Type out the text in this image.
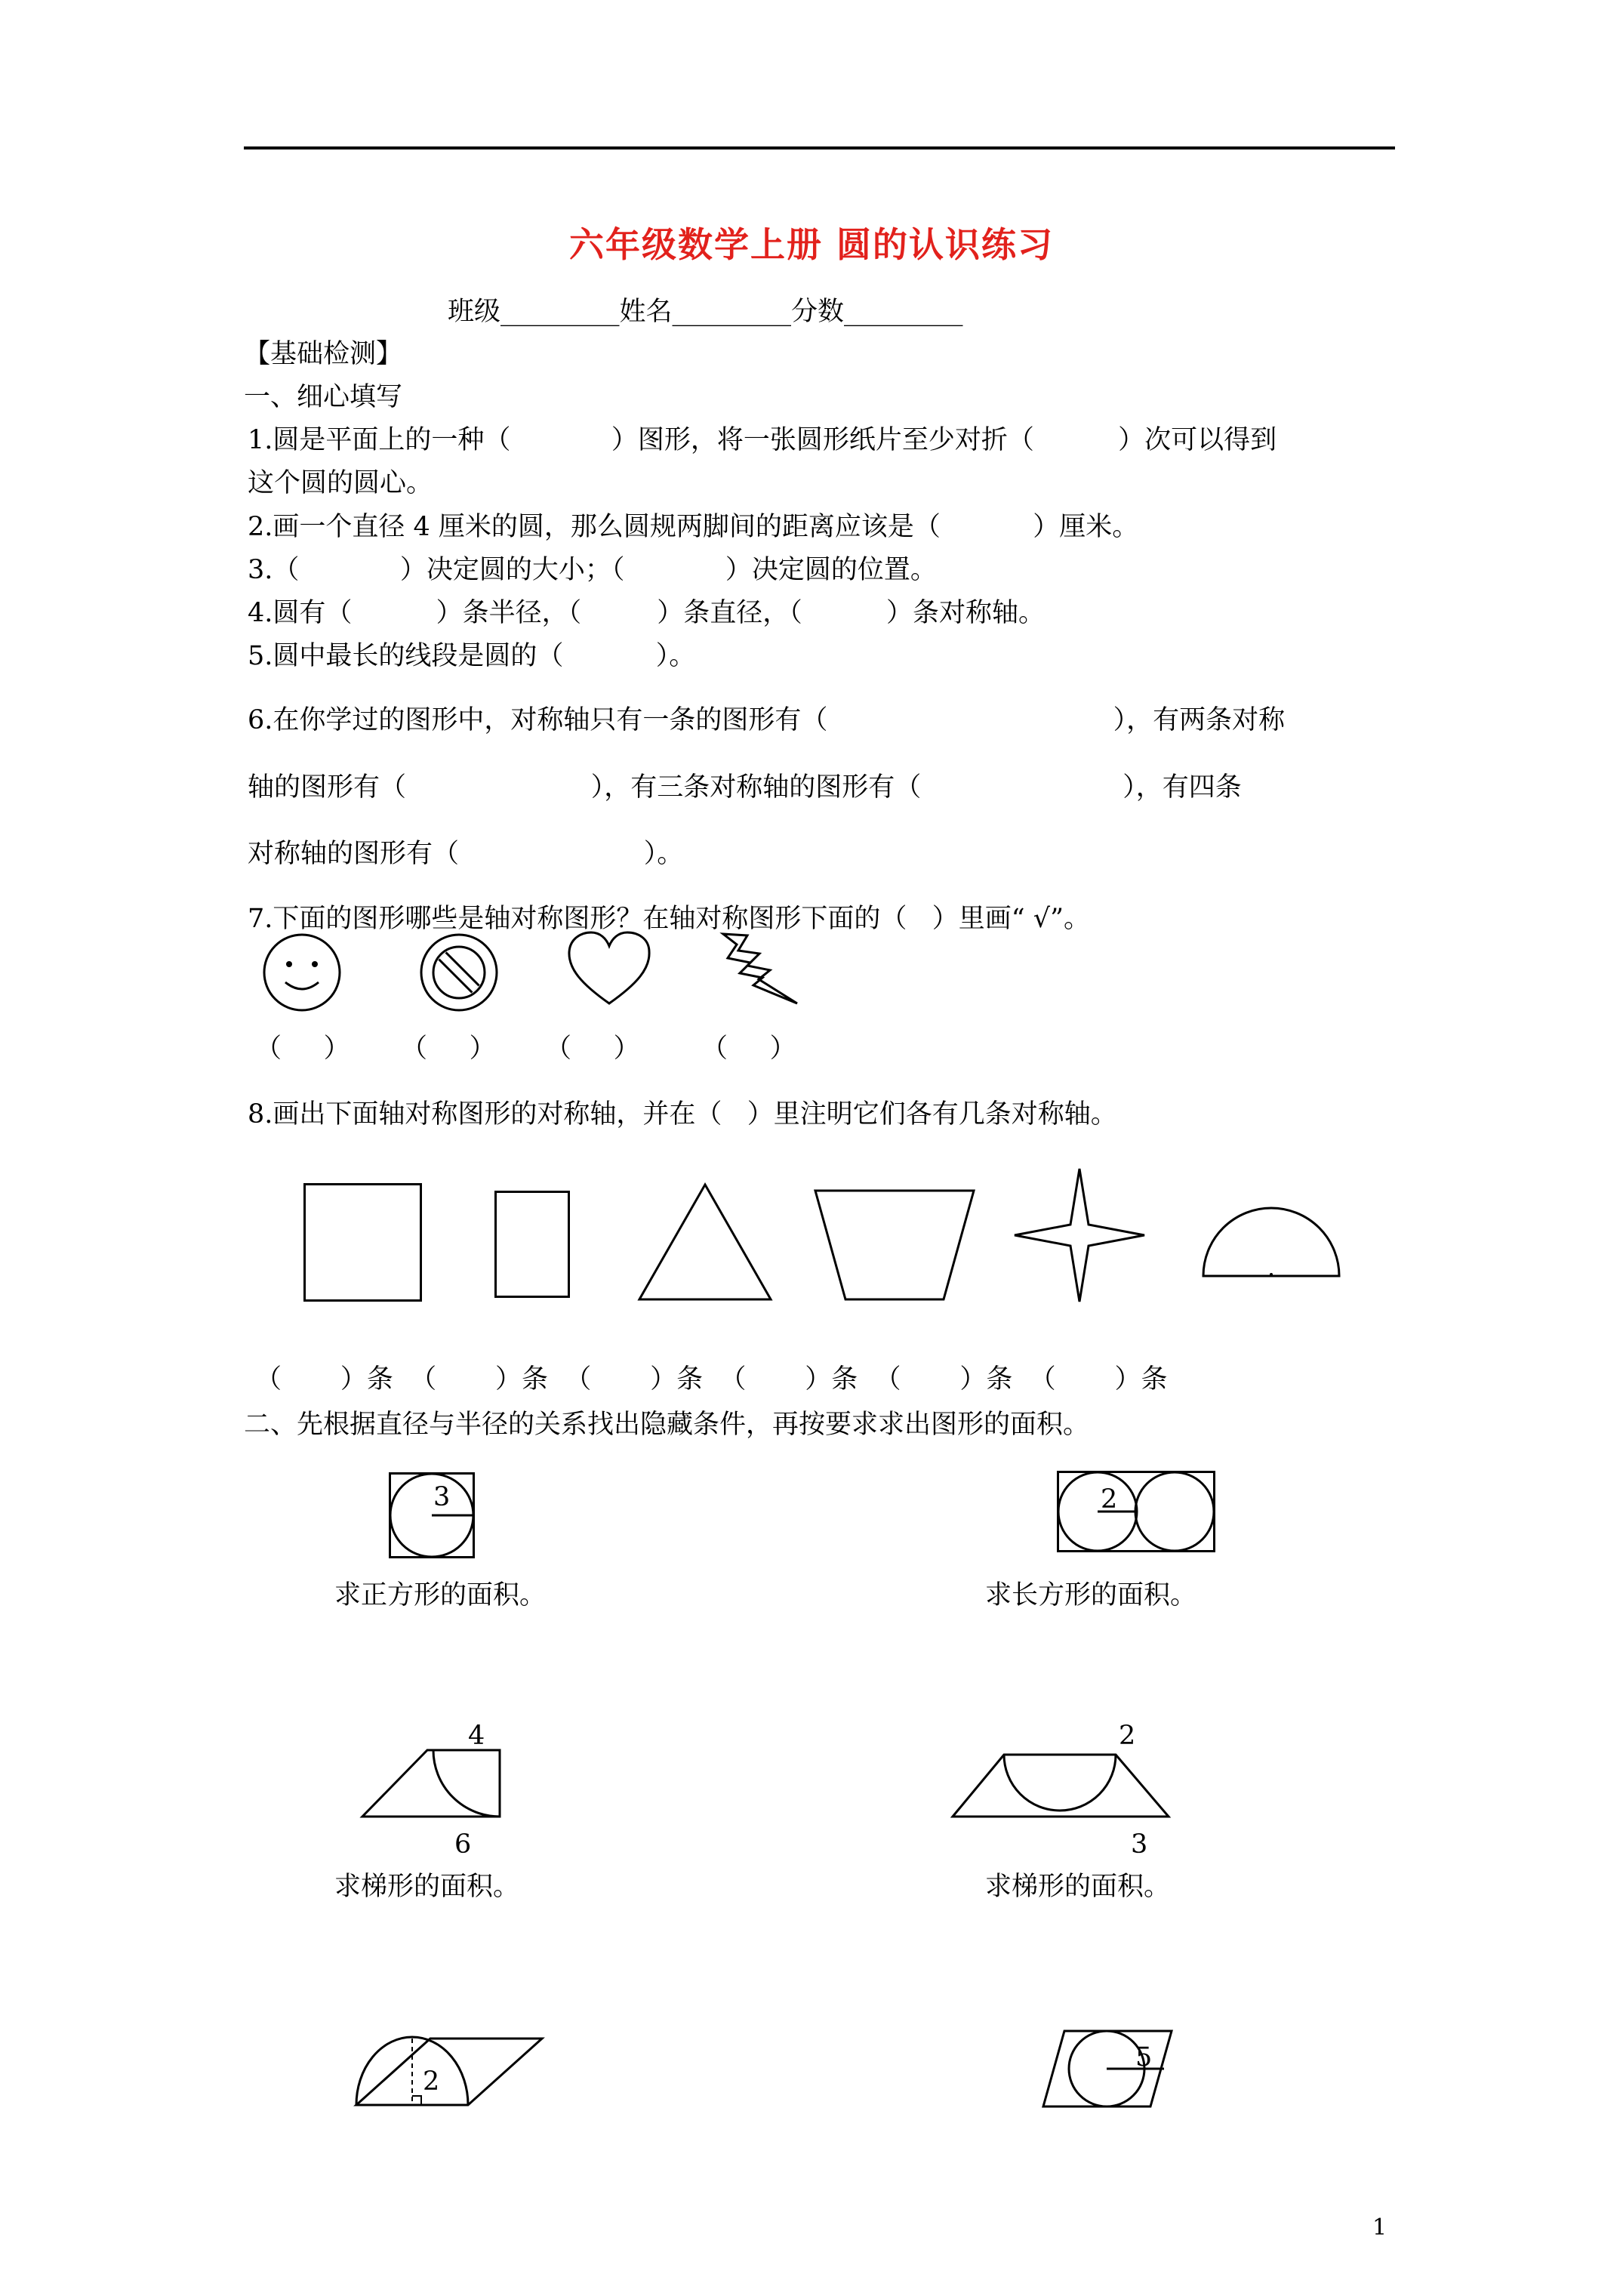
六年级数学上册 圆的认识练习
班级_________姓名_________分数_________
【基础检测】
一、细心填写
1.圆是平面上的一种（            ）图形，将一张圆形纸片至少对折（          ）次可以得到
这个圆的圆心。
2.画一个直径 4 厘米的圆，那么圆规两脚间的距离应该是（           ）厘米。
3.（            ）决定圆的大小；（            ）决定圆的位置。
4.圆有（          ）条半径，（         ）条直径，（          ）条对称轴。
5.圆中最长的线段是圆的（           ）。
6.在你学过的图形中，对称轴只有一条的图形有（                                  ），有两条对称
轴的图形有（                      ），有三条对称轴的图形有（                        ），有四条
对称轴的图形有（                      ）。
7.下面的图形哪些是轴对称图形？在轴对称图形下面的（   ）里画“ √”。
（     ） （     ） （     ） （     ）
8.画出下面轴对称图形的对称轴，并在（   ）里注明它们各有几条对称轴。
（       ）条  （       ）条  （       ）条  （       ）条  （       ）条  （       ）条
二、先根据直径与半径的关系找出隐藏条件，再按要求求出图形的面积。
3
求正方形的面积。
2
求长方形的面积。
4
6
求梯形的面积。
2
3
求梯形的面积。
2
5
1
